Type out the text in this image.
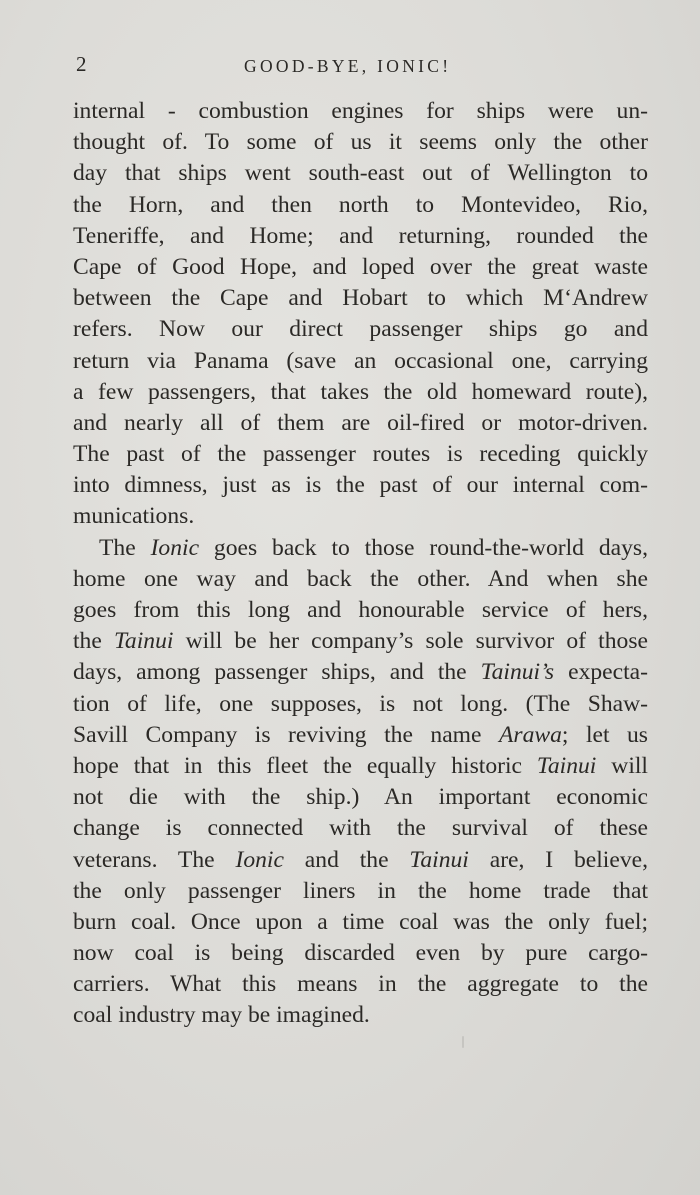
2	GOOD-BYE, IONIC!
internal - combustion engines for ships were un-
thought of. To some of us it seems only the other
day that ships went south-east out of Wellington to
the Horn, and then north to Montevideo, Rio,
Teneriffe, and Home; and returning, rounded the
Cape of Good Hope, and loped over the great waste
between the Cape and Hobart to which M‘Andrew
refers. Now our direct passenger ships go and
return via Panama (save an occasional one, carrying
a few passengers, that takes the old homeward route),
and nearly all of them are oil-fired or motor-driven.
The past of the passenger routes is receding quickly
into dimness, just as is the past of our internal com-
munications.
The Ionic goes back to those round-the-world days,
home one way and back the other. And when she
goes from this long and honourable service of hers,
the Tainui will be her company’s sole survivor of those
days, among passenger ships, and the Tainui’s expecta-
tion of life, one supposes, is not long. (The Shaw-
Savill Company is reviving the name Arawa; let us
hope that in this fleet the equally historic Tainui will
not die with the ship.) An important economic
change is connected with the survival of these
veterans. The Ionic and the Tainui are, I believe,
the only passenger liners in the home trade that
burn coal. Once upon a time coal was the only fuel;
now coal is being discarded even by pure cargo-
carriers. What this means in the aggregate to the
coal industry may be imagined.
